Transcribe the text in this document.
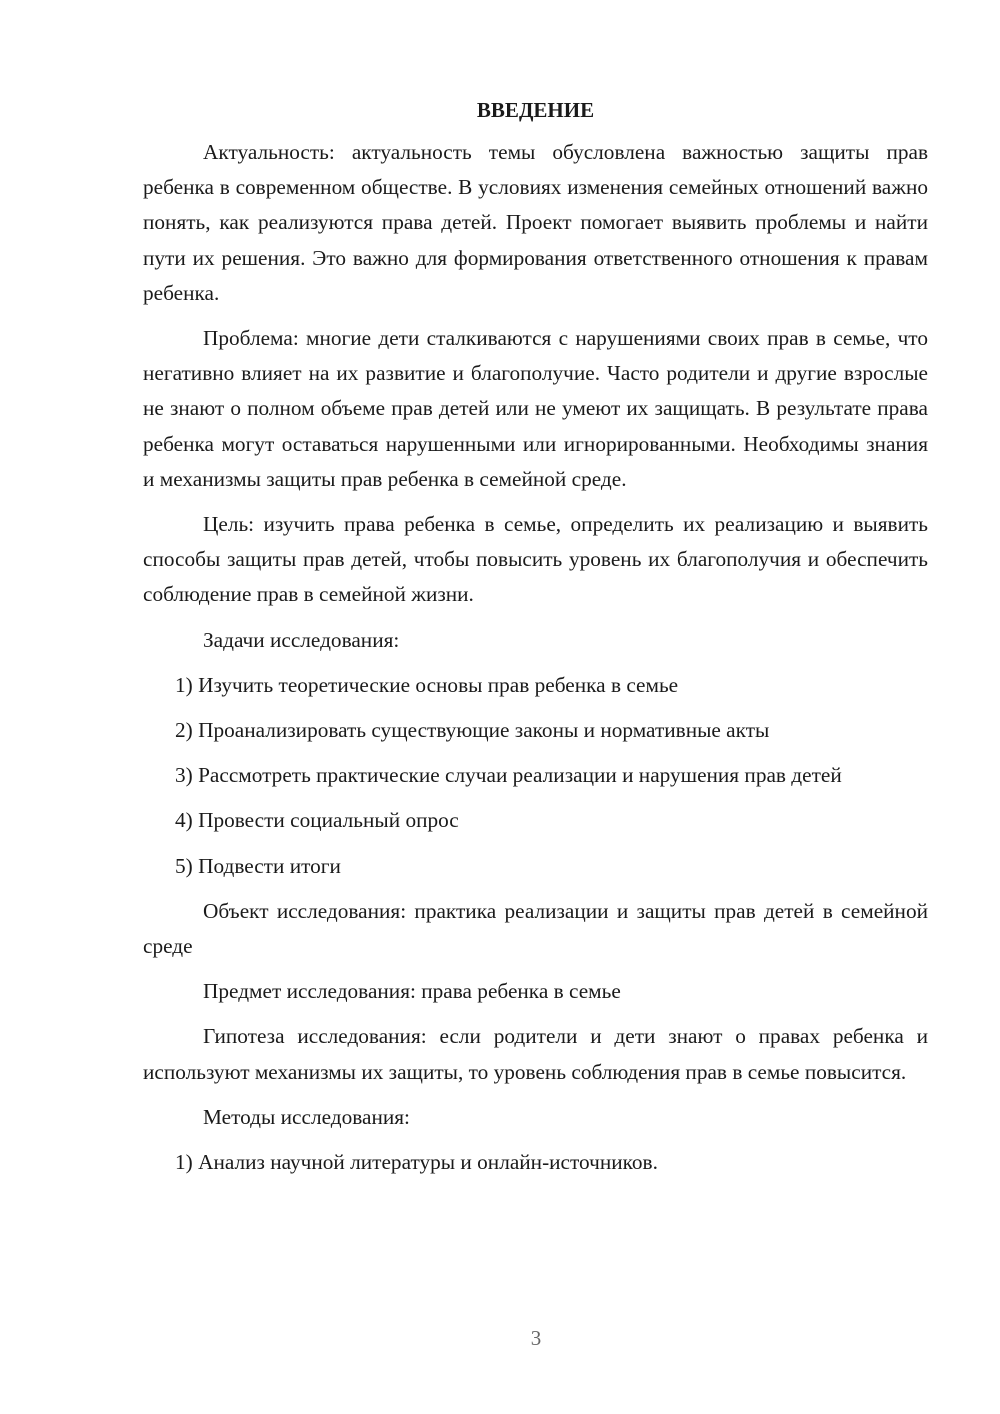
ВВЕДЕНИЕ

Актуальность: актуальность темы обусловлена важностью защиты прав ребенка в современном обществе. В условиях изменения семейных отношений важно понять, как реализуются права детей. Проект помогает выявить проблемы и найти пути их решения. Это важно для формирования ответственного отношения к правам ребенка.

Проблема: многие дети сталкиваются с нарушениями своих прав в семье, что негативно влияет на их развитие и благополучие. Часто родители и другие взрослые не знают о полном объеме прав детей или не умеют их защищать. В результате права ребенка могут оставаться нарушенными или игнорированными. Необходимы знания и механизмы защиты прав ребенка в семейной среде.

Цель: изучить права ребенка в семье, определить их реализацию и выявить способы защиты прав детей, чтобы повысить уровень их благополучия и обеспечить соблюдение прав в семейной жизни.

Задачи исследования:

1) Изучить теоретические основы прав ребенка в семье

2) Проанализировать существующие законы и нормативные акты

3) Рассмотреть практические случаи реализации и нарушения прав детей

4) Провести социальный опрос

5) Подвести итоги

Объект исследования: практика реализации и защиты прав детей в семейной среде

Предмет исследования: права ребенка в семье

Гипотеза исследования: если родители и дети знают о правах ребенка и используют механизмы их защиты, то уровень соблюдения прав в семье повысится.

Методы исследования:

1) Анализ научной литературы и онлайн-источников.

3
